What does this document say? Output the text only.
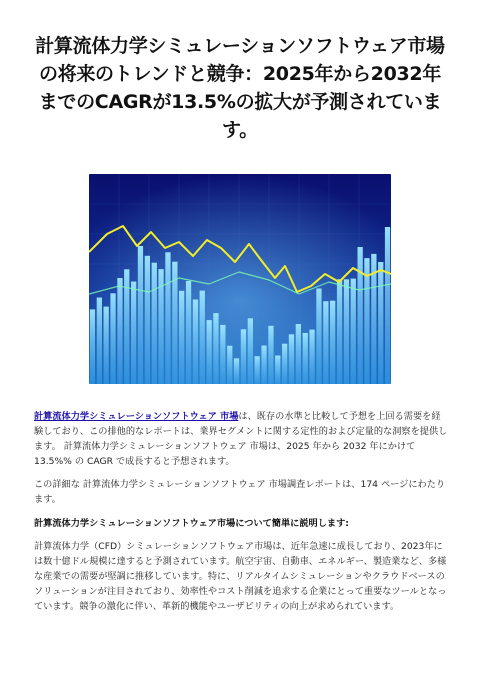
計算流体力学シミュレーションソフトウェア市場の将来のトレンドと競争：2025年から2032年までのCAGRが13.5%の拡大が予測されています。
計算流体力学シミュレーションソフトウェア 市場は、既存の水準と比較して予想を上回る需要を経験しており、この排他的なレポートは、業界セグメントに関する定性的および定量的な洞察を提供します。 計算流体力学シミュレーションソフトウェア 市場は、2025 年から 2032 年にかけて 13.5%% の CAGR で成長すると予想されます。
この詳細な 計算流体力学シミュレーションソフトウェア 市場調査レポートは、174 ページにわたります。
計算流体力学シミュレーションソフトウェア市場について簡単に説明します:
計算流体力学（CFD）シミュレーションソフトウェア市場は、近年急速に成長しており、2023年には数十億ドル規模に達すると予測されています。航空宇宙、自動車、エネルギー、製造業など、多様な産業での需要が堅調に推移しています。特に、リアルタイムシミュレーションやクラウドベースのソリューションが注目されており、効率性やコスト削減を追求する企業にとって重要なツールとなっています。競争の激化に伴い、革新的機能やユーザビリティの向上が求められています。
